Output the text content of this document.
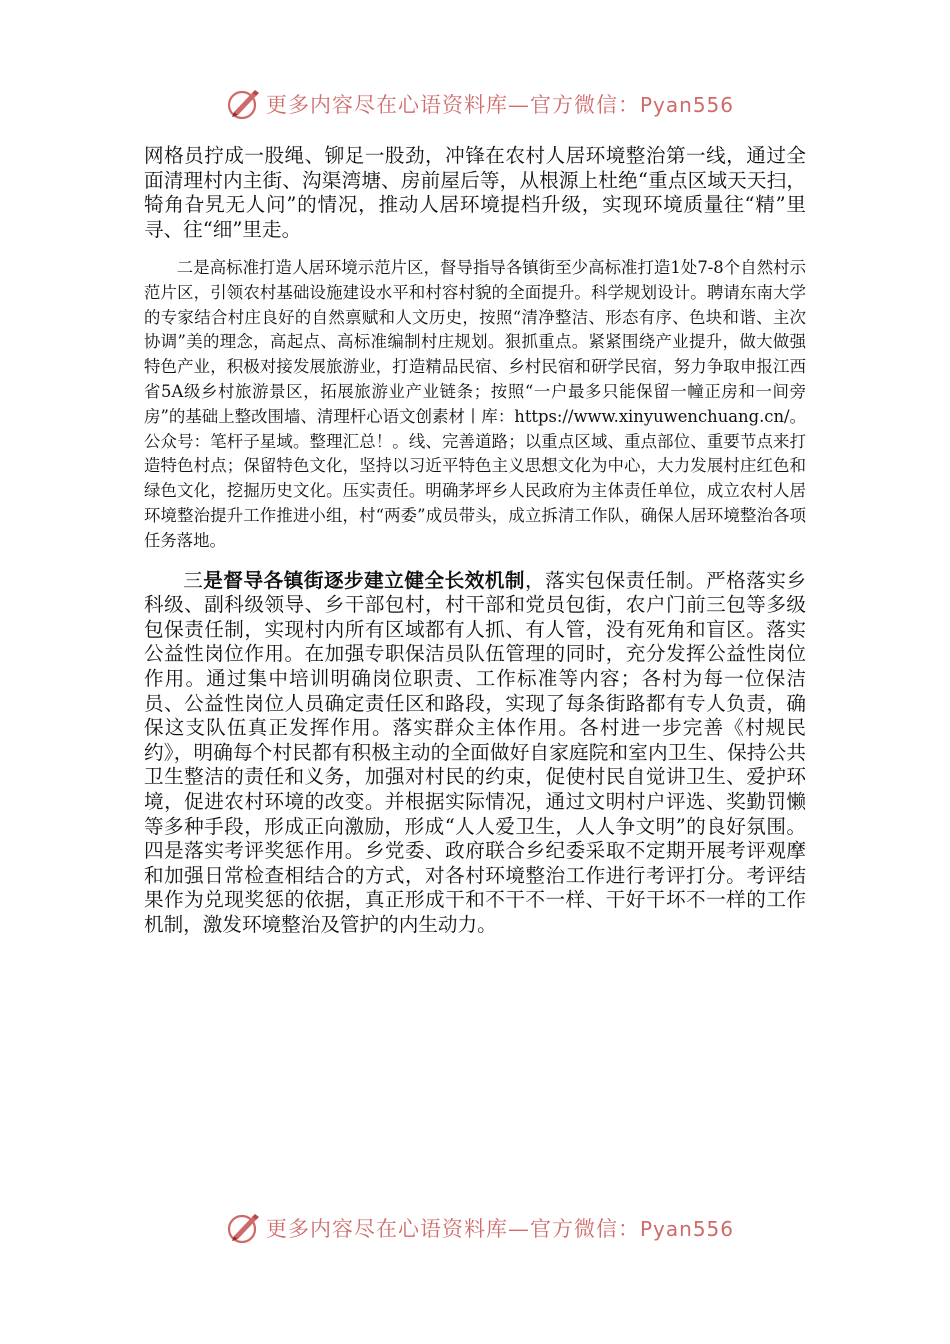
更多内容尽在心语资料库—官方微信：Pyan556

网格员拧成一股绳、铆足一股劲，冲锋在农村人居环境整治第一线，通过全面清理村内主街、沟渠湾塘、房前屋后等，从根源上杜绝“重点区域天天扫，犄角旮旯无人问”的情况，推动人居环境提档升级，实现环境质量往“精”里寻、往“细”里走。

二是高标准打造人居环境示范片区，督导指导各镇街至少高标准打造1处7-8个自然村示范片区，引领农村基础设施建设水平和村容村貌的全面提升。科学规划设计。聘请东南大学的专家结合村庄良好的自然禀赋和人文历史，按照“清净整洁、形态有序、色块和谐、主次协调”美的理念，高起点、高标准编制村庄规划。狠抓重点。紧紧围绕产业提升，做大做强特色产业，积极对接发展旅游业，打造精品民宿、乡村民宿和研学民宿，努力争取申报江西省5A级乡村旅游景区，拓展旅游业产业链条；按照“一户最多只能保留一幢正房和一间旁房”的基础上整改围墙、清理杆心语文创素材丨库：https://www.xinyuwenchuang.cn/。公众号：笔杆子星域。整理汇总！。线、完善道路；以重点区域、重点部位、重要节点来打造特色村点；保留特色文化，坚持以习近平特色主义思想文化为中心，大力发展村庄红色和绿色文化，挖掘历史文化。压实责任。明确茅坪乡人民政府为主体责任单位，成立农村人居环境整治提升工作推进小组，村“两委”成员带头，成立拆清工作队，确保人居环境整治各项任务落地。

三是督导各镇街逐步建立健全长效机制，落实包保责任制。严格落实乡科级、副科级领导、乡干部包村，村干部和党员包街，农户门前三包等多级包保责任制，实现村内所有区域都有人抓、有人管，没有死角和盲区。落实公益性岗位作用。在加强专职保洁员队伍管理的同时，充分发挥公益性岗位作用。通过集中培训明确岗位职责、工作标准等内容；各村为每一位保洁员、公益性岗位人员确定责任区和路段，实现了每条街路都有专人负责，确保这支队伍真正发挥作用。落实群众主体作用。各村进一步完善《村规民约》，明确每个村民都有积极主动的全面做好自家庭院和室内卫生、保持公共卫生整洁的责任和义务，加强对村民的约束，促使村民自觉讲卫生、爱护环境，促进农村环境的改变。并根据实际情况，通过文明村户评选、奖勤罚懒等多种手段，形成正向激励，形成“人人爱卫生，人人争文明”的良好氛围。四是落实考评奖惩作用。乡党委、政府联合乡纪委采取不定期开展考评观摩和加强日常检查相结合的方式，对各村环境整治工作进行考评打分。考评结果作为兑现奖惩的依据，真正形成干和不干不一样、干好干坏不一样的工作机制，激发环境整治及管护的内生动力。

更多内容尽在心语资料库—官方微信：Pyan556
